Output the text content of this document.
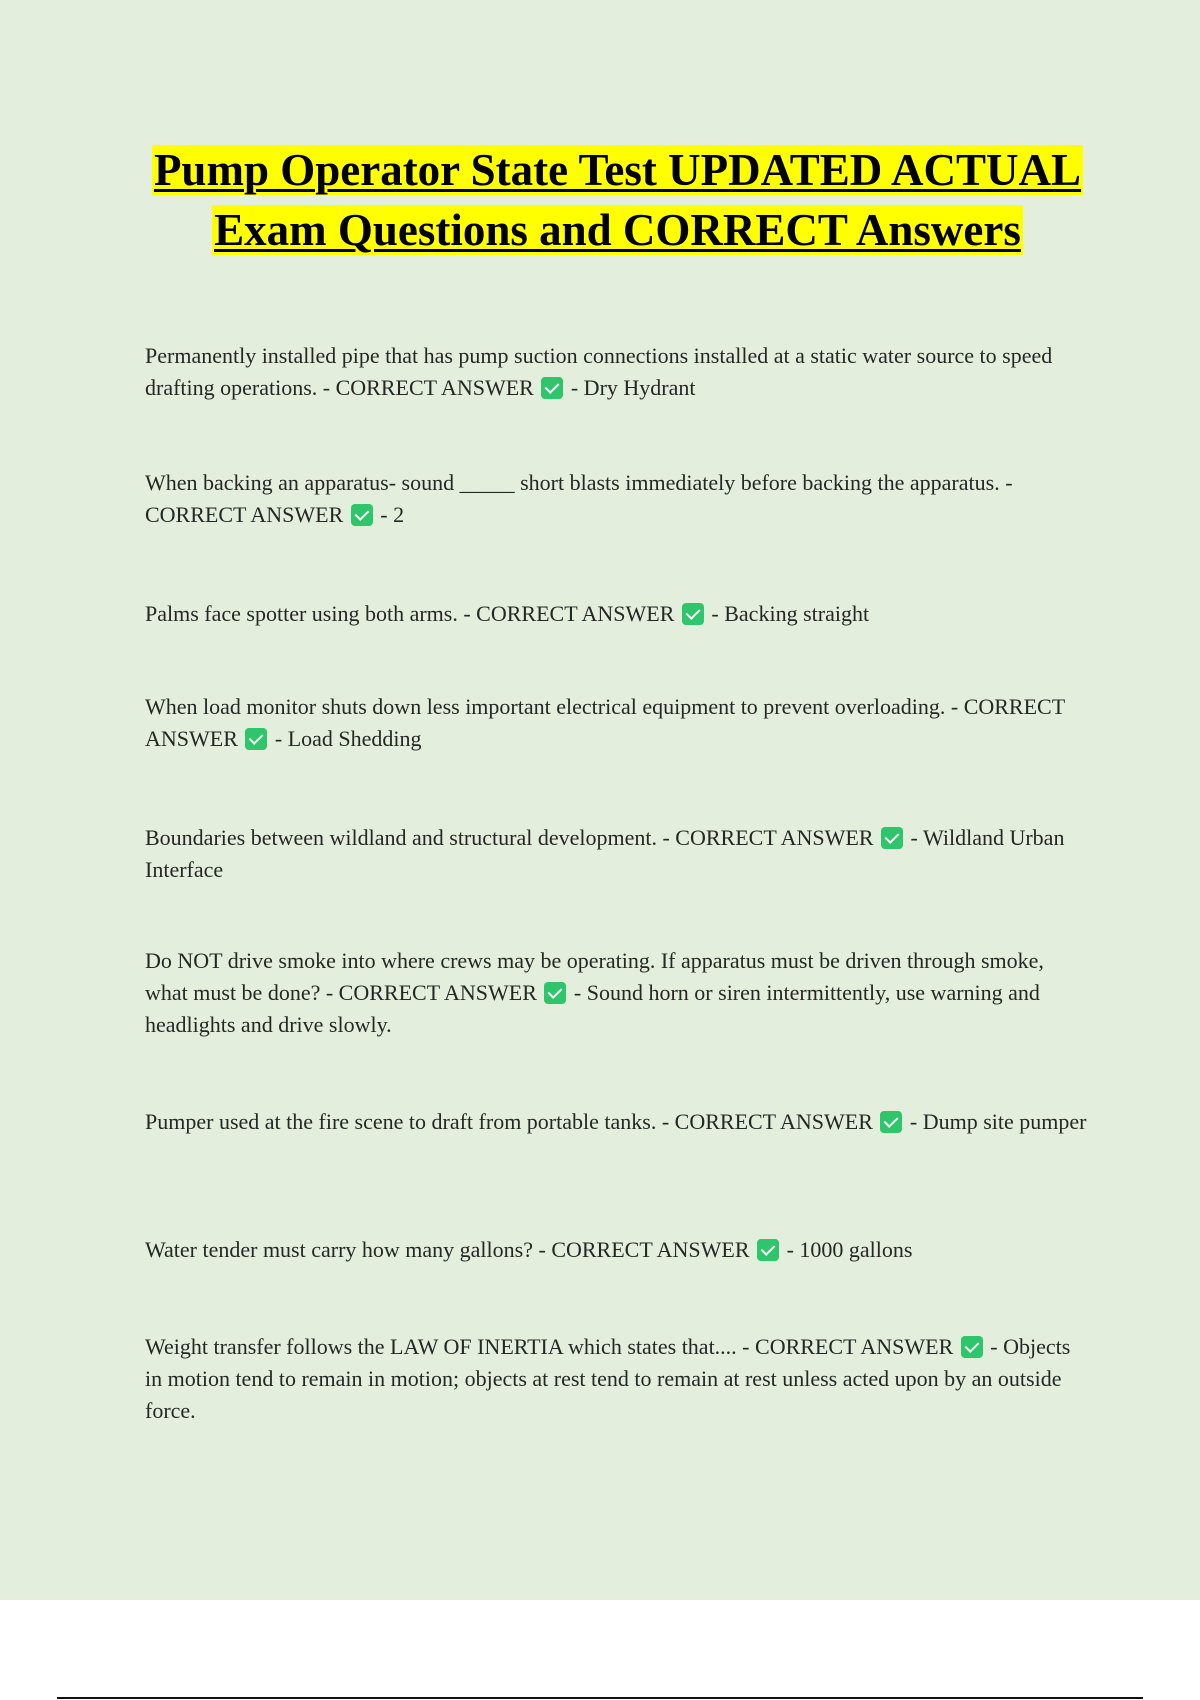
Pump Operator State Test UPDATED ACTUAL Exam Questions and CORRECT Answers

Permanently installed pipe that has pump suction connections installed at a static water source to speed drafting operations. - CORRECT ANSWER  - Dry Hydrant

When backing an apparatus- sound _____ short blasts immediately before backing the apparatus. - CORRECT ANSWER  - 2

Palms face spotter using both arms. - CORRECT ANSWER  - Backing straight

When load monitor shuts down less important electrical equipment to prevent overloading. - CORRECT ANSWER  - Load Shedding

Boundaries between wildland and structural development. - CORRECT ANSWER  - Wildland Urban Interface

Do NOT drive smoke into where crews may be operating. If apparatus must be driven through smoke, what must be done? - CORRECT ANSWER  - Sound horn or siren intermittently, use warning and headlights and drive slowly.

Pumper used at the fire scene to draft from portable tanks. - CORRECT ANSWER  - Dump site pumper

Water tender must carry how many gallons? - CORRECT ANSWER  - 1000 gallons

Weight transfer follows the LAW OF INERTIA which states that.... - CORRECT ANSWER  - Objects in motion tend to remain in motion; objects at rest tend to remain at rest unless acted upon by an outside force.
